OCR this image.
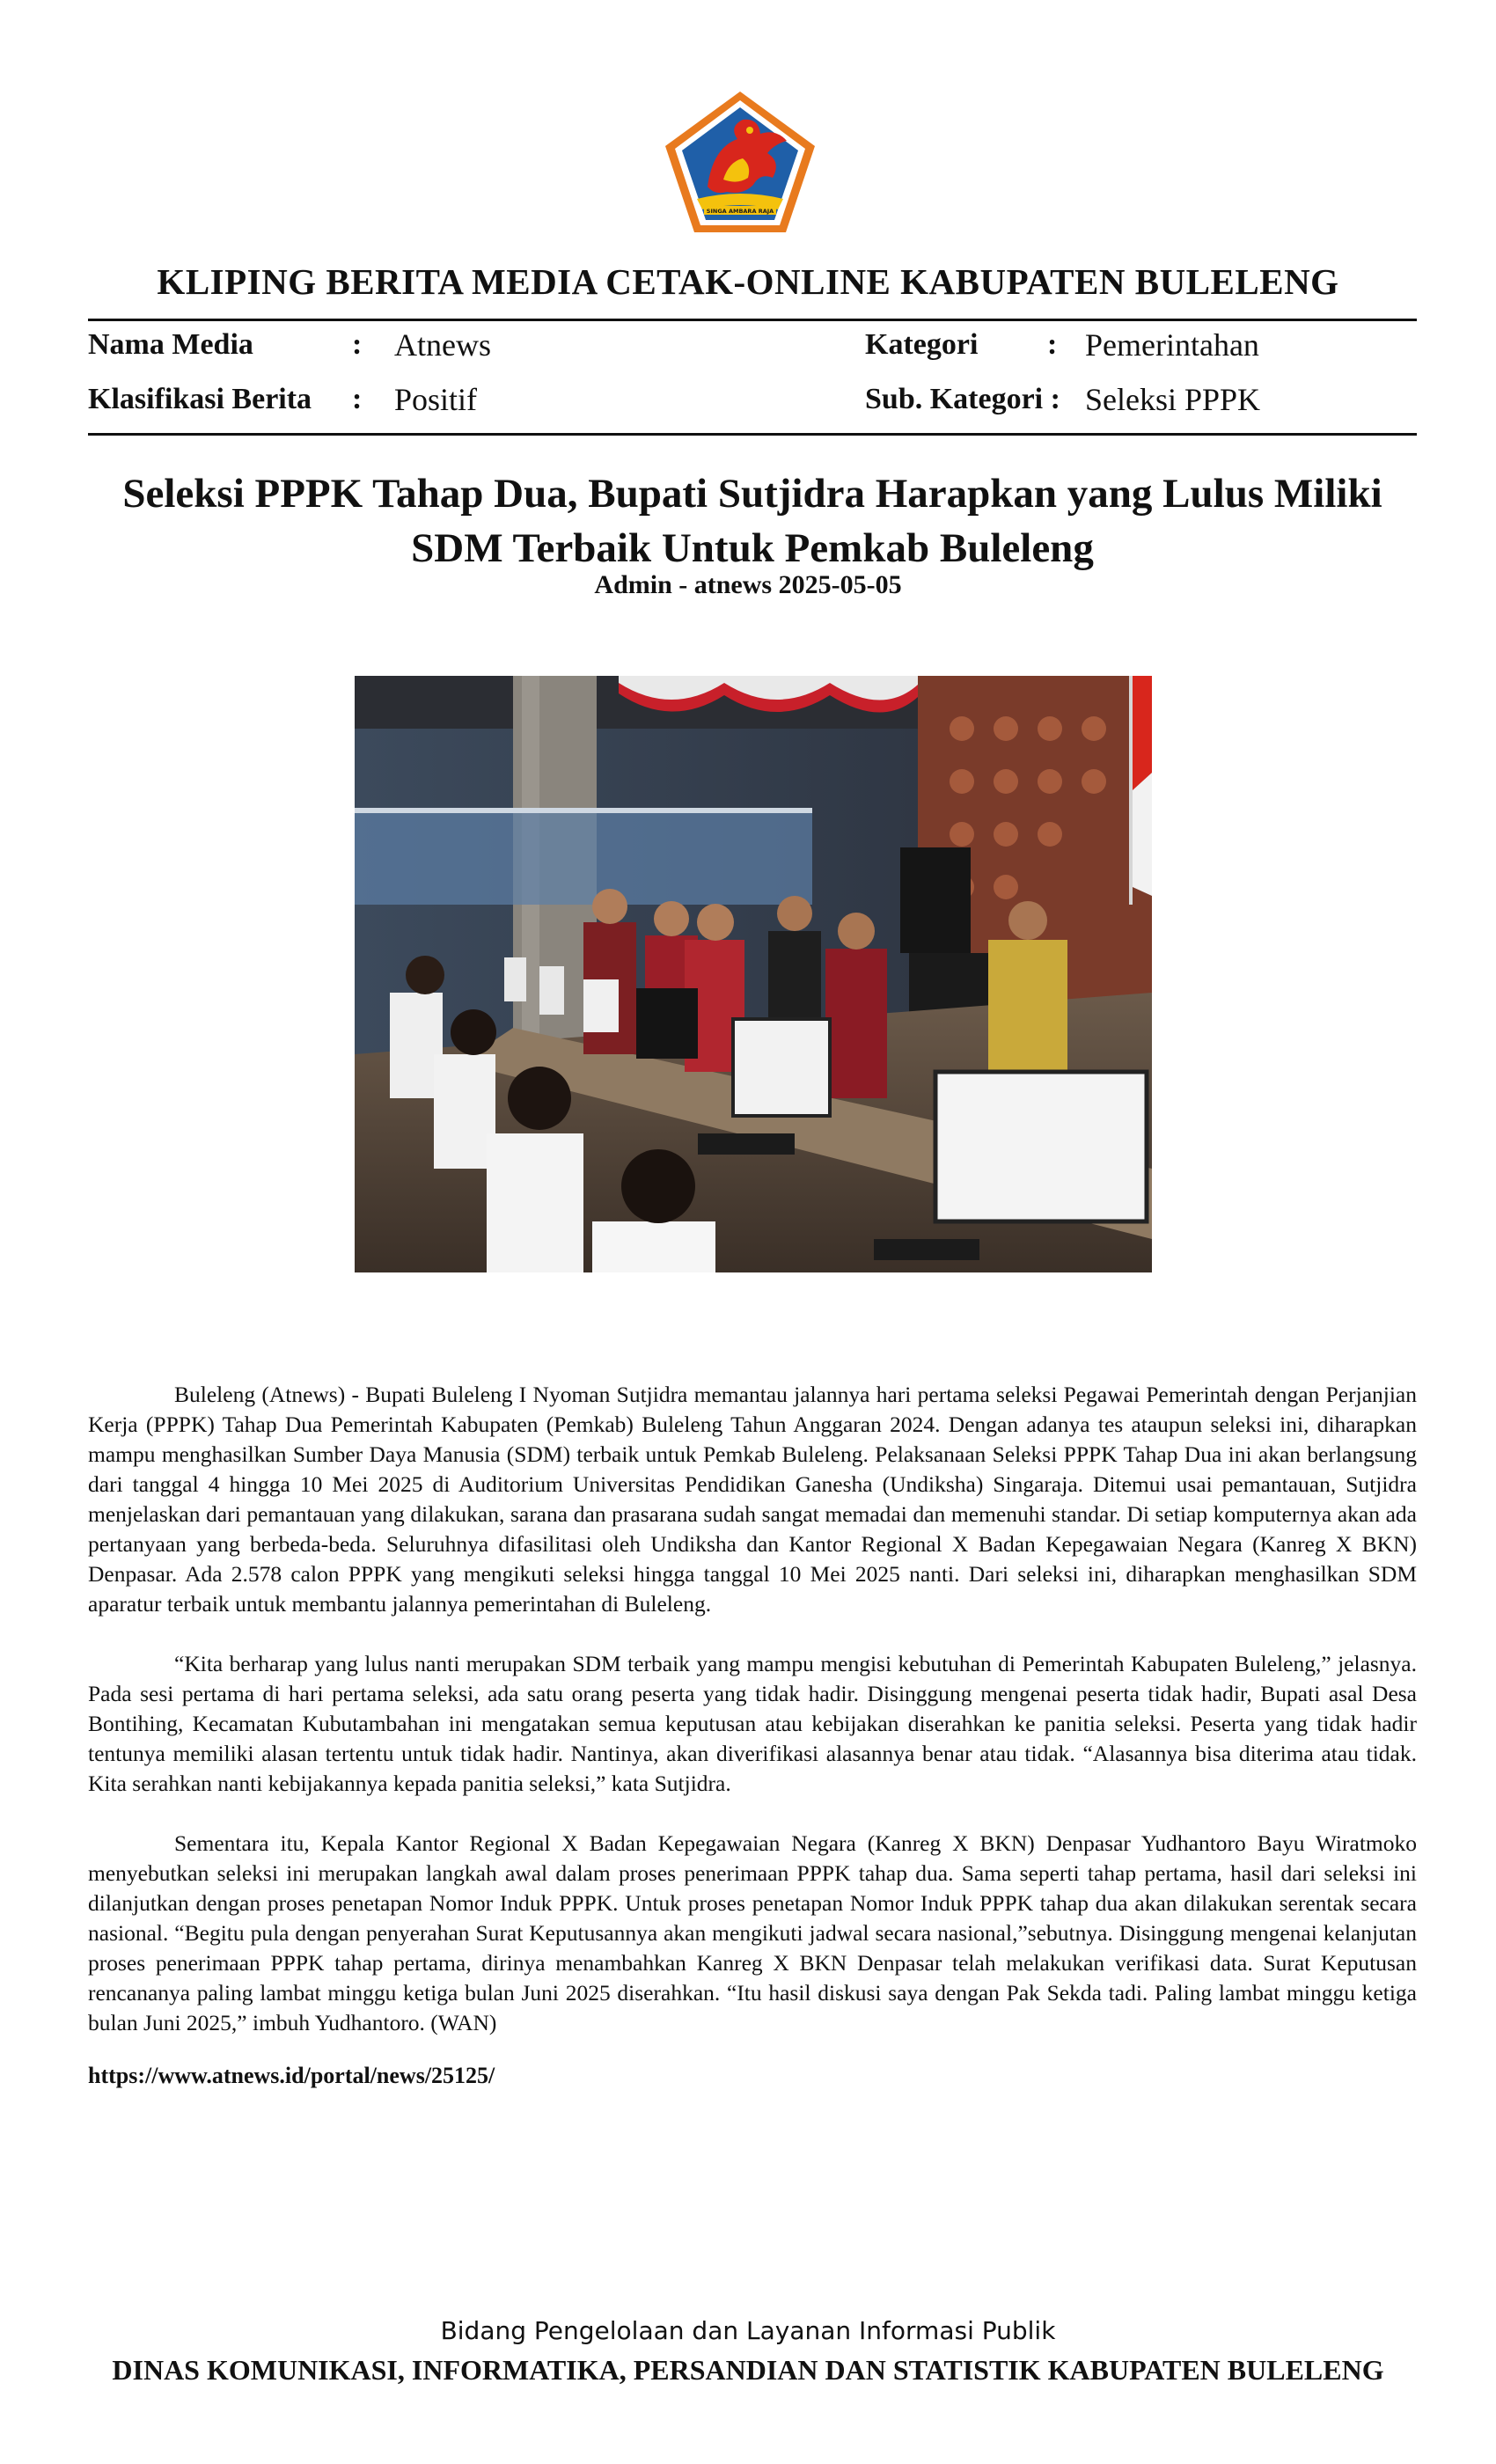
SINGA AMBARA RAJA
KLIPING BERITA MEDIA CETAK-ONLINE KABUPATEN BULELENG
Nama Media	: Atnews	Kategori : Pemerintahan
Klasifikasi Berita : Positif	Sub. Kategori : Seleksi PPPK
Seleksi PPPK Tahap Dua, Bupati Sutjidra Harapkan yang Lulus Miliki SDM Terbaik Untuk Pemkab Buleleng
Admin - atnews 2025-05-05

Buleleng (Atnews) - Bupati Buleleng I Nyoman Sutjidra memantau jalannya hari pertama seleksi Pegawai Pemerintah dengan Perjanjian Kerja (PPPK) Tahap Dua Pemerintah Kabupaten (Pemkab) Buleleng Tahun Anggaran 2024. Dengan adanya tes ataupun seleksi ini, diharapkan mampu menghasilkan Sumber Daya Manusia (SDM) terbaik untuk Pemkab Buleleng. Pelaksanaan Seleksi PPPK Tahap Dua ini akan berlangsung dari tanggal 4 hingga 10 Mei 2025 di Auditorium Universitas Pendidikan Ganesha (Undiksha) Singaraja. Ditemui usai pemantauan, Sutjidra menjelaskan dari pemantauan yang dilakukan, sarana dan prasarana sudah sangat memadai dan memenuhi standar. Di setiap komputernya akan ada pertanyaan yang berbeda-beda. Seluruhnya difasilitasi oleh Undiksha dan Kantor Regional X Badan Kepegawaian Negara (Kanreg X BKN) Denpasar. Ada 2.578 calon PPPK yang mengikuti seleksi hingga tanggal 10 Mei 2025 nanti. Dari seleksi ini, diharapkan menghasilkan SDM aparatur terbaik untuk membantu jalannya pemerintahan di Buleleng.

“Kita berharap yang lulus nanti merupakan SDM terbaik yang mampu mengisi kebutuhan di Pemerintah Kabupaten Buleleng,” jelasnya. Pada sesi pertama di hari pertama seleksi, ada satu orang peserta yang tidak hadir. Disinggung mengenai peserta tidak hadir, Bupati asal Desa Bontihing, Kecamatan Kubutambahan ini mengatakan semua keputusan atau kebijakan diserahkan ke panitia seleksi. Peserta yang tidak hadir tentunya memiliki alasan tertentu untuk tidak hadir. Nantinya, akan diverifikasi alasannya benar atau tidak. “Alasannya bisa diterima atau tidak. Kita serahkan nanti kebijakannya kepada panitia seleksi,” kata Sutjidra.

Sementara itu, Kepala Kantor Regional X Badan Kepegawaian Negara (Kanreg X BKN) Denpasar Yudhantoro Bayu Wiratmoko menyebutkan seleksi ini merupakan langkah awal dalam proses penerimaan PPPK tahap dua. Sama seperti tahap pertama, hasil dari seleksi ini dilanjutkan dengan proses penetapan Nomor Induk PPPK. Untuk proses penetapan Nomor Induk PPPK tahap dua akan dilakukan serentak secara nasional. “Begitu pula dengan penyerahan Surat Keputusannya akan mengikuti jadwal secara nasional,”sebutnya. Disinggung mengenai kelanjutan proses penerimaan PPPK tahap pertama, dirinya menambahkan Kanreg X BKN Denpasar telah melakukan verifikasi data. Surat Keputusan rencananya paling lambat minggu ketiga bulan Juni 2025 diserahkan. “Itu hasil diskusi saya dengan Pak Sekda tadi. Paling lambat minggu ketiga bulan Juni 2025,” imbuh Yudhantoro. (WAN)

https://www.atnews.id/portal/news/25125/
Bidang Pengelolaan dan Layanan Informasi Publik
DINAS KOMUNIKASI, INFORMATIKA, PERSANDIAN DAN STATISTIK KABUPATEN BULELENG
